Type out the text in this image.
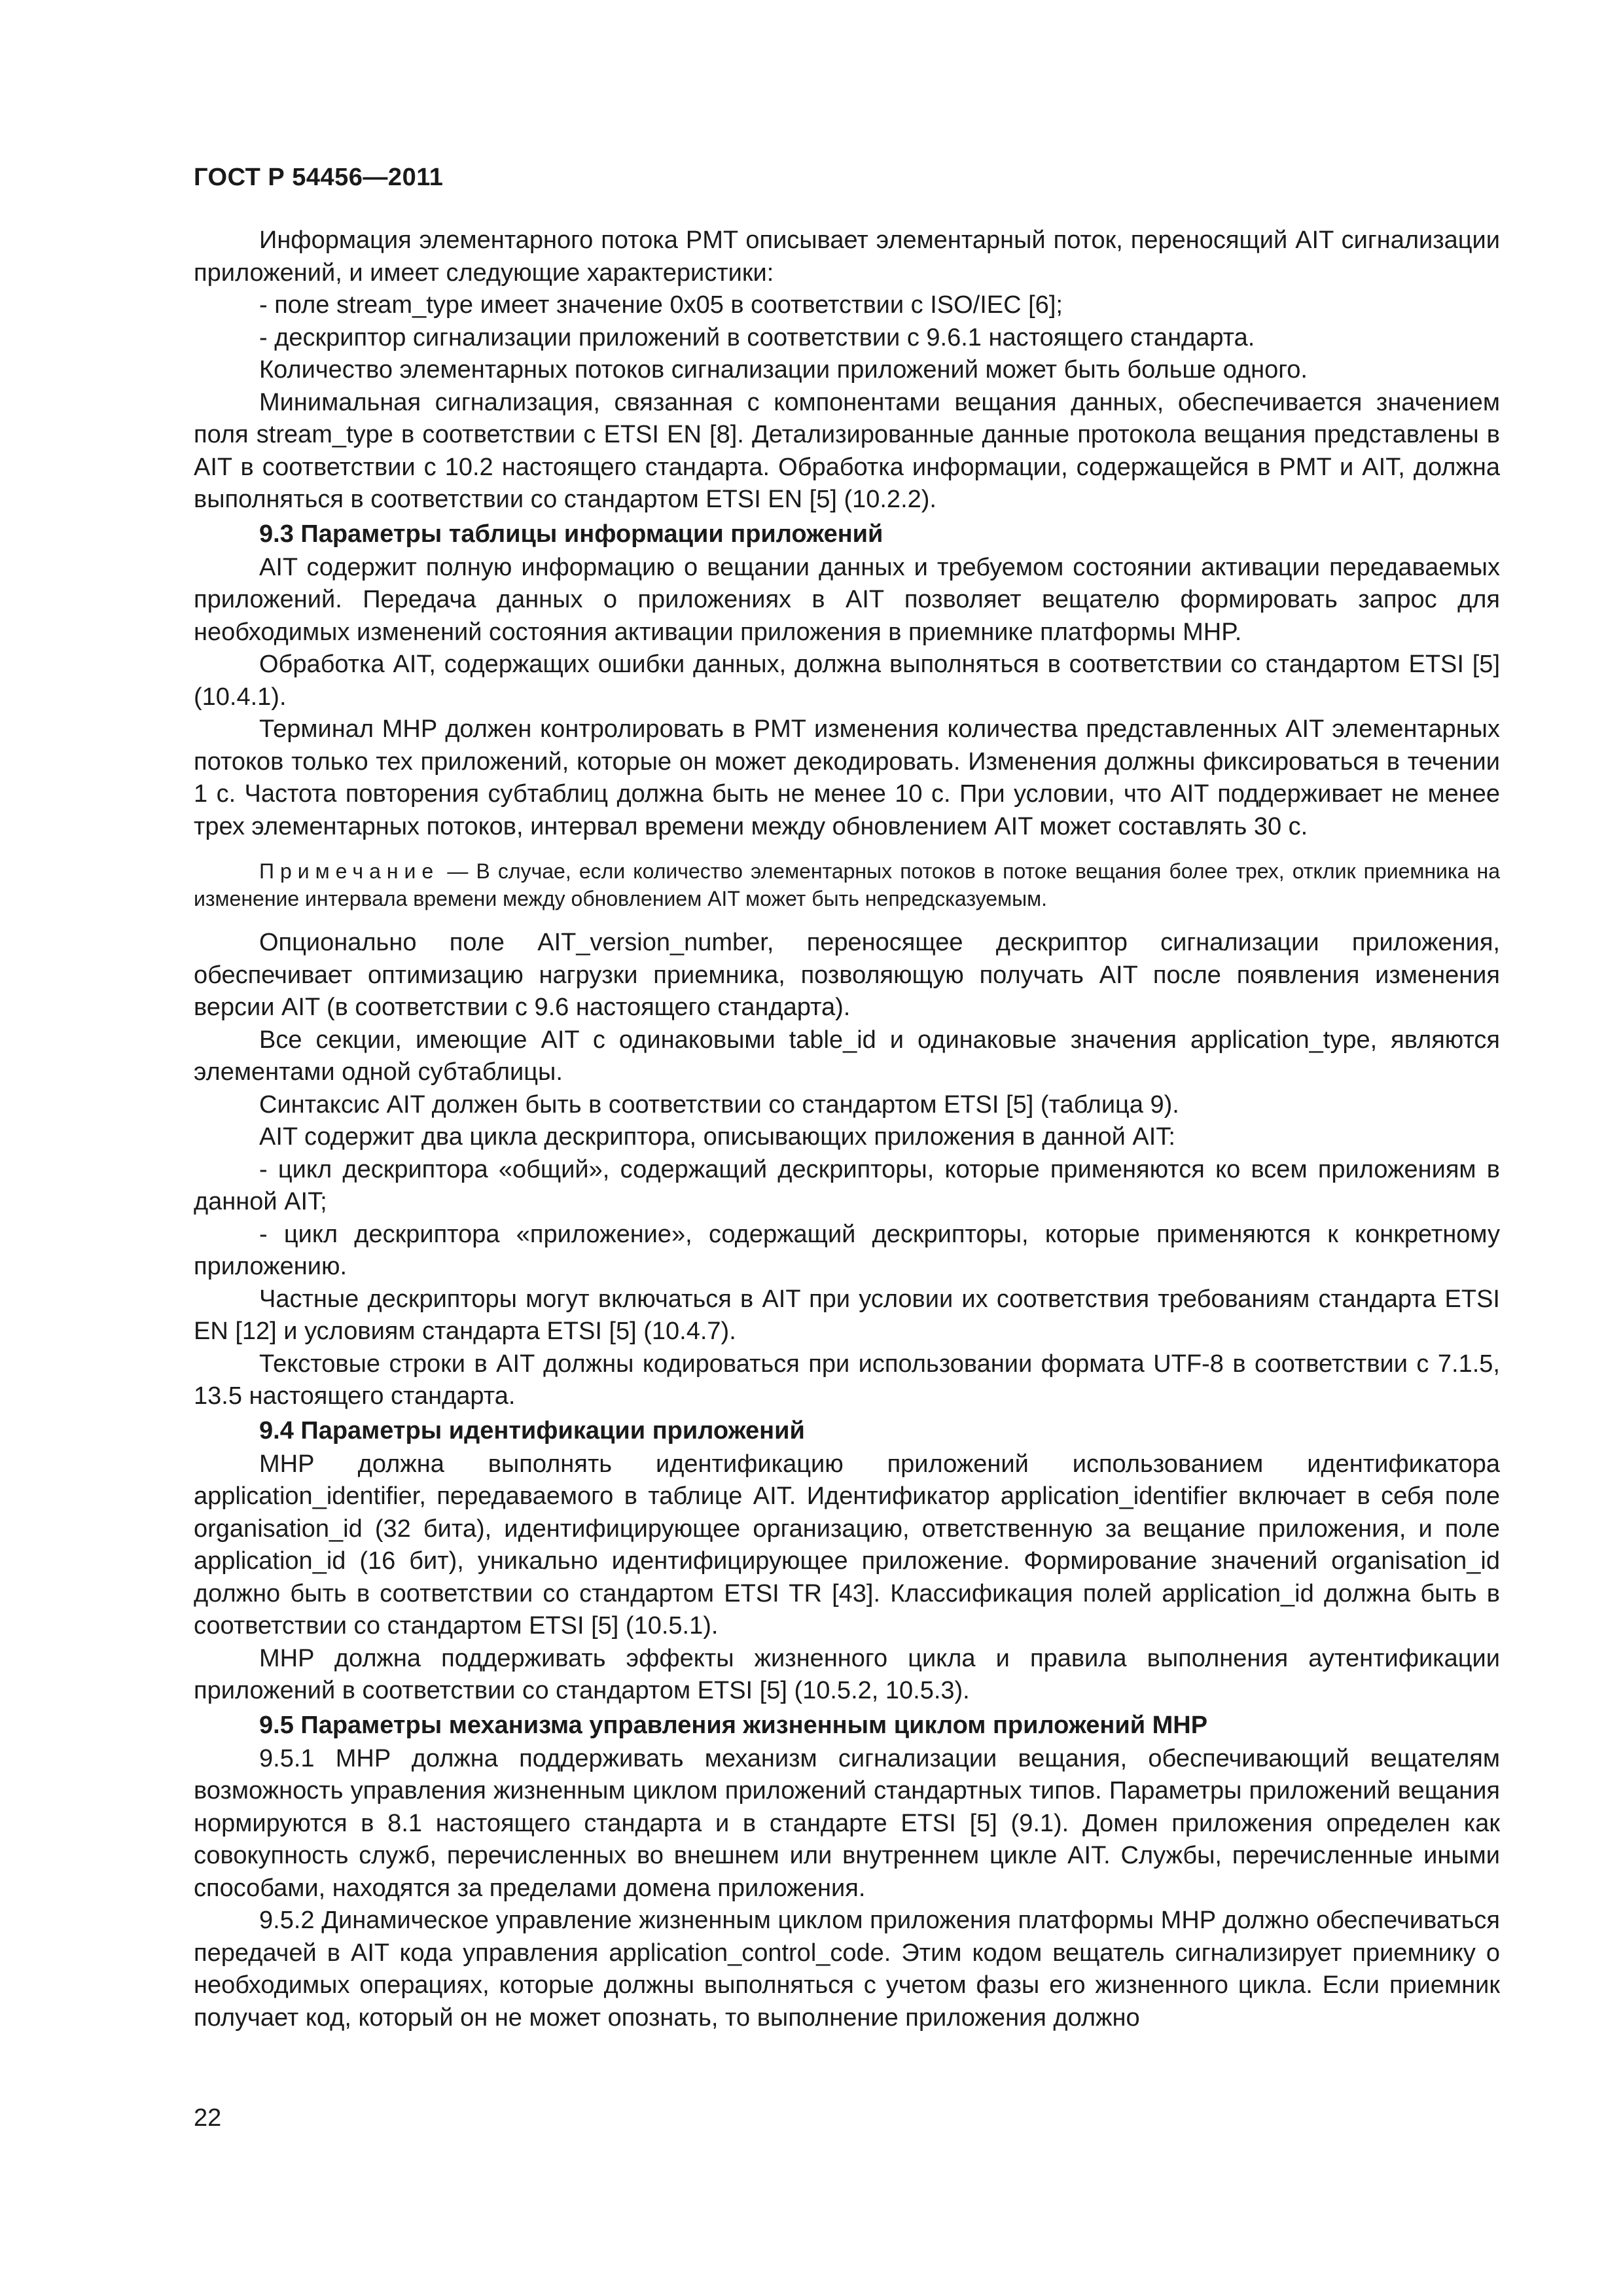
ГОСТ Р 54456—2011

Информация элементарного потока PMT описывает элементарный поток, переносящий AIT сигнализации приложений, и имеет следующие характеристики:

- поле stream_type имеет значение 0x05 в соответствии с ISO/IEC [6];

- дескриптор сигнализации приложений в соответствии с 9.6.1 настоящего стандарта.

Количество элементарных потоков сигнализации приложений может быть больше одного.

Минимальная сигнализация, связанная с компонентами вещания данных, обеспечивается значением поля stream_type в соответствии с ETSI EN [8]. Детализированные данные протокола вещания представлены в AIT в соответствии с 10.2 настоящего стандарта. Обработка информации, содержащейся в PMT и AIT, должна выполняться в соответствии со стандартом ETSI EN [5] (10.2.2).

9.3 Параметры таблицы информации приложений

AIT содержит полную информацию о вещании данных и требуемом состоянии активации передаваемых приложений. Передача данных о приложениях в AIT позволяет вещателю формировать запрос для необходимых изменений состояния активации приложения в приемнике платформы MHP.

Обработка AIT, содержащих ошибки данных, должна выполняться в соответствии со стандартом ETSI [5] (10.4.1).

Терминал MHP должен контролировать в PMT изменения количества представленных AIT элементарных потоков только тех приложений, которые он может декодировать. Изменения должны фиксироваться в течении 1 с. Частота повторения субтаблиц должна быть не менее 10 с. При условии, что AIT поддерживает не менее трех элементарных потоков, интервал времени между обновлением AIT может составлять 30 с.

Примечание — В случае, если количество элементарных потоков в потоке вещания более трех, отклик приемника на изменение интервала времени между обновлением AIT может быть непредсказуемым.

Опционально поле AIT_version_number, переносящее дескриптор сигнализации приложения, обеспечивает оптимизацию нагрузки приемника, позволяющую получать AIT после появления изменения версии AIT (в соответствии с 9.6 настоящего стандарта).

Все секции, имеющие AIT с одинаковыми table_id и одинаковые значения application_type, являются элементами одной субтаблицы.

Синтаксис AIT должен быть в соответствии со стандартом ETSI [5] (таблица 9).

AIT содержит два цикла дескриптора, описывающих приложения в данной AIT:

- цикл дескриптора «общий», содержащий дескрипторы, которые применяются ко всем приложениям в данной AIT;

- цикл дескриптора «приложение», содержащий дескрипторы, которые применяются к конкретному приложению.

Частные дескрипторы могут включаться в AIT при условии их соответствия требованиям стандарта ETSI EN [12] и условиям стандарта ETSI [5] (10.4.7).

Текстовые строки в AIT должны кодироваться при использовании формата UTF-8 в соответствии с 7.1.5, 13.5 настоящего стандарта.

9.4 Параметры идентификации приложений

MHP должна выполнять идентификацию приложений использованием идентификатора application_identifier, передаваемого в таблице AIT. Идентификатор application_identifier включает в себя поле organisation_id (32 бита), идентифицирующее организацию, ответственную за вещание приложения, и поле application_id (16 бит), уникально идентифицирующее приложение. Формирование значений organisation_id должно быть в соответствии со стандартом ETSI TR [43]. Классификация полей application_id должна быть в соответствии со стандартом ETSI [5] (10.5.1).

MHP должна поддерживать эффекты жизненного цикла и правила выполнения аутентификации приложений в соответствии со стандартом ETSI [5] (10.5.2, 10.5.3).

9.5 Параметры механизма управления жизненным циклом приложений MHP

9.5.1 MHP должна поддерживать механизм сигнализации вещания, обеспечивающий вещателям возможность управления жизненным циклом приложений стандартных типов. Параметры приложений вещания нормируются в 8.1 настоящего стандарта и в стандарте ETSI [5] (9.1). Домен приложения определен как совокупность служб, перечисленных во внешнем или внутреннем цикле AIT. Службы, перечисленные иными способами, находятся за пределами домена приложения.

9.5.2 Динамическое управление жизненным циклом приложения платформы MHP должно обеспечиваться передачей в AIT кода управления application_control_code. Этим кодом вещатель сигнализирует приемнику о необходимых операциях, которые должны выполняться с учетом фазы его жизненного цикла. Если приемник получает код, который он не может опознать, то выполнение приложения должно

22
